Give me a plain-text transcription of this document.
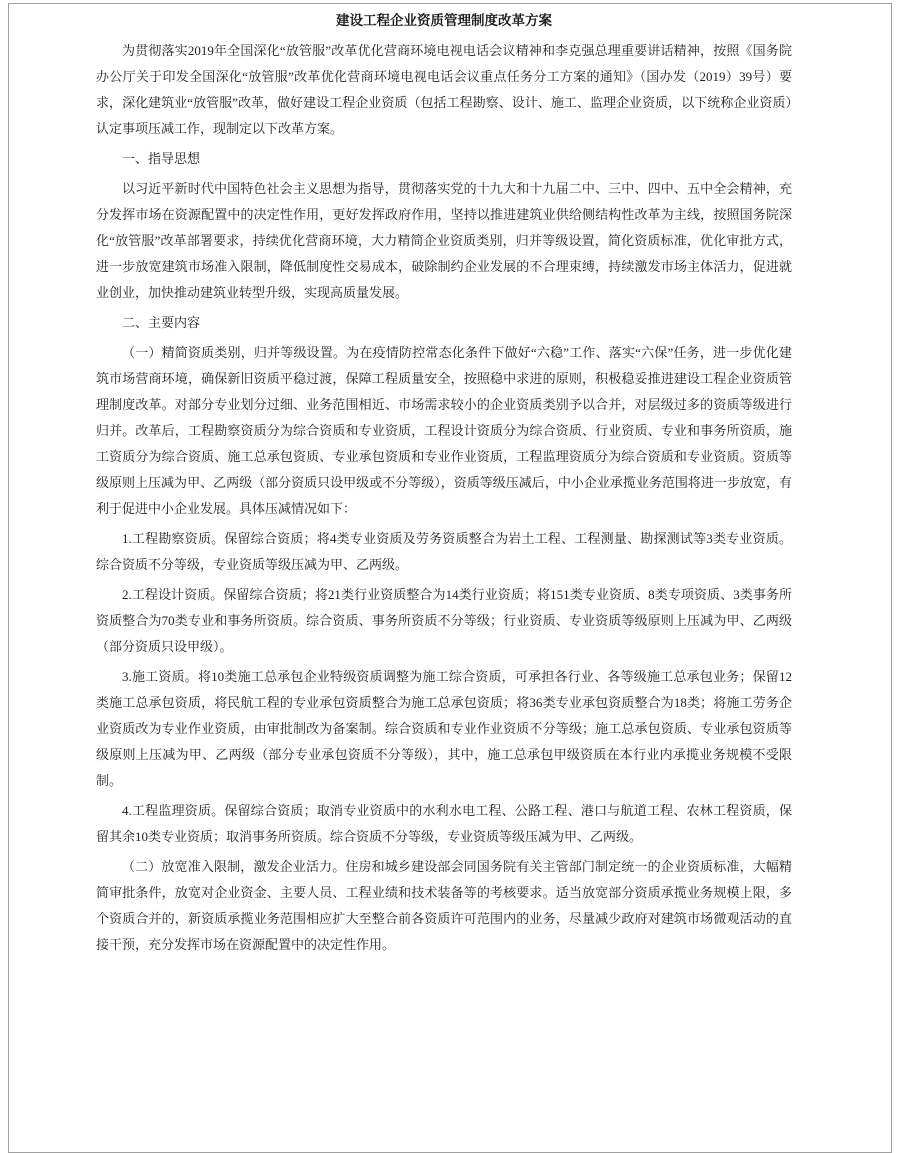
建设工程企业资质管理制度改革方案

为贯彻落实2019年全国深化“放管服”改革优化营商环境电视电话会议精神和李克强总理重要讲话精神，按照《国务院办公厅关于印发全国深化“放管服”改革优化营商环境电视电话会议重点任务分工方案的通知》（国办发（2019）39号）要求，深化建筑业“放管服”改革，做好建设工程企业资质（包括工程勘察、设计、施工、监理企业资质，以下统称企业资质）认定事项压减工作，现制定以下改革方案。

一、指导思想

以习近平新时代中国特色社会主义思想为指导，贯彻落实党的十九大和十九届二中、三中、四中、五中全会精神，充分发挥市场在资源配置中的决定性作用，更好发挥政府作用，坚持以推进建筑业供给侧结构性改革为主线，按照国务院深化“放管服”改革部署要求，持续优化营商环境，大力精简企业资质类别，归并等级设置，简化资质标准，优化审批方式，进一步放宽建筑市场准入限制，降低制度性交易成本，破除制约企业发展的不合理束缚，持续激发市场主体活力，促进就业创业，加快推动建筑业转型升级，实现高质量发展。

二、主要内容

（一）精简资质类别，归并等级设置。为在疫情防控常态化条件下做好“六稳”工作、落实“六保”任务，进一步优化建筑市场营商环境，确保新旧资质平稳过渡，保障工程质量安全，按照稳中求进的原则，积极稳妥推进建设工程企业资质管理制度改革。对部分专业划分过细、业务范围相近、市场需求较小的企业资质类别予以合并，对层级过多的资质等级进行归并。改革后，工程勘察资质分为综合资质和专业资质，工程设计资质分为综合资质、行业资质、专业和事务所资质，施工资质分为综合资质、施工总承包资质、专业承包资质和专业作业资质，工程监理资质分为综合资质和专业资质。资质等级原则上压减为甲、乙两级（部分资质只设甲级或不分等级），资质等级压减后，中小企业承揽业务范围将进一步放宽，有利于促进中小企业发展。具体压减情况如下：

1.工程勘察资质。保留综合资质；将4类专业资质及劳务资质整合为岩土工程、工程测量、勘探测试等3类专业资质。综合资质不分等级，专业资质等级压减为甲、乙两级。

2.工程设计资质。保留综合资质；将21类行业资质整合为14类行业资质；将151类专业资质、8类专项资质、3类事务所资质整合为70类专业和事务所资质。综合资质、事务所资质不分等级；行业资质、专业资质等级原则上压减为甲、乙两级（部分资质只设甲级）。

3.施工资质。将10类施工总承包企业特级资质调整为施工综合资质，可承担各行业、各等级施工总承包业务；保留12类施工总承包资质，将民航工程的专业承包资质整合为施工总承包资质；将36类专业承包资质整合为18类；将施工劳务企业资质改为专业作业资质，由审批制改为备案制。综合资质和专业作业资质不分等级；施工总承包资质、专业承包资质等级原则上压减为甲、乙两级（部分专业承包资质不分等级），其中，施工总承包甲级资质在本行业内承揽业务规模不受限制。

4.工程监理资质。保留综合资质；取消专业资质中的水利水电工程、公路工程、港口与航道工程、农林工程资质，保留其余10类专业资质；取消事务所资质。综合资质不分等级，专业资质等级压减为甲、乙两级。

（二）放宽准入限制，激发企业活力。住房和城乡建设部会同国务院有关主管部门制定统一的企业资质标准，大幅精简审批条件，放宽对企业资金、主要人员、工程业绩和技术装备等的考核要求。适当放宽部分资质承揽业务规模上限，多个资质合并的，新资质承揽业务范围相应扩大至整合前各资质许可范围内的业务，尽量减少政府对建筑市场微观活动的直接干预，充分发挥市场在资源配置中的决定性作用。
